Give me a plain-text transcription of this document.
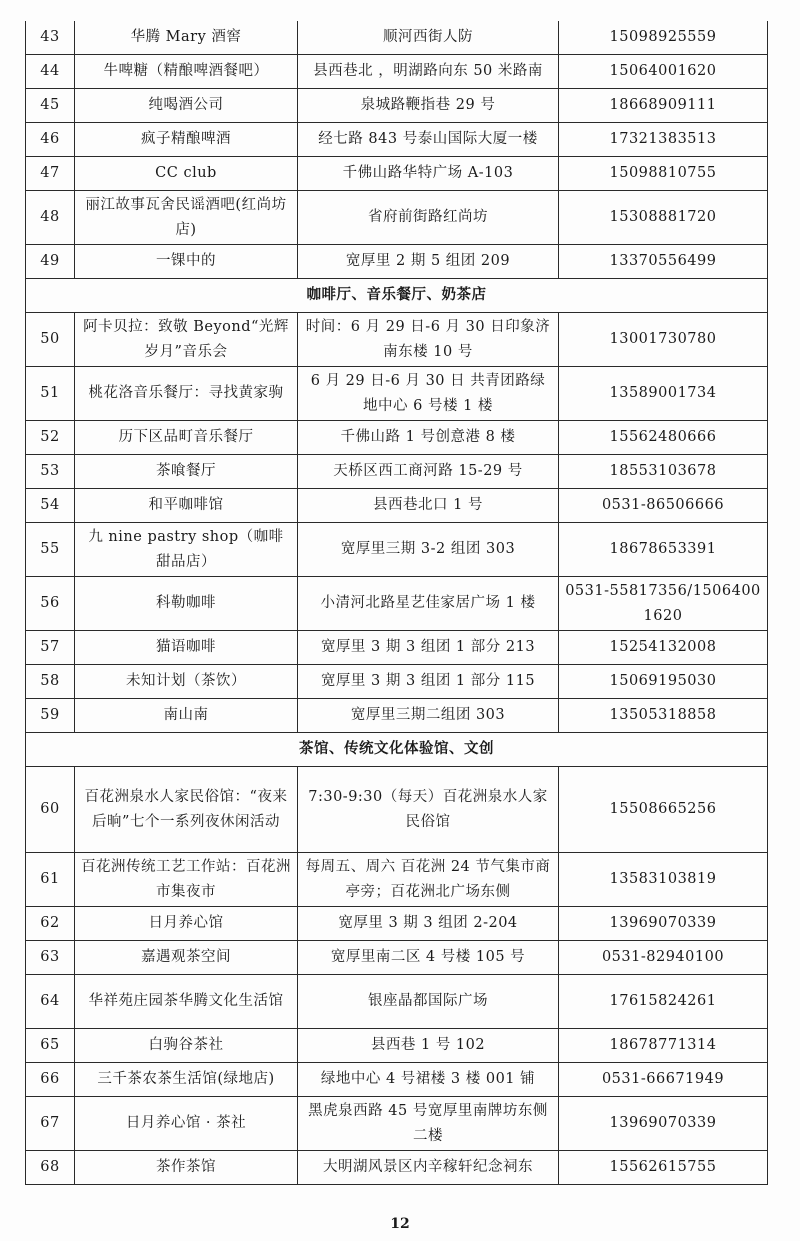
43	华腾 Mary 酒窖	顺河西街人防	15098925559
44	牛啤糖（精酿啤酒餐吧）	县西巷北 ，明湖路向东 50 米路南	15064001620
45	纯喝酒公司	泉城路鞭指巷 29 号	18668909111
46	疯子精酿啤酒	经七路 843 号泰山国际大厦一楼	17321383513
47	CC club	千佛山路华特广场 A-103	15098810755
48	丽江故事瓦舍民谣酒吧(红尚坊店)	省府前街路红尚坊	15308881720
49	一锞中的	宽厚里 2 期 5 组团 209	13370556499
咖啡厅、音乐餐厅、奶茶店			
50	阿卡贝拉：致敬 Beyond“光辉岁月”音乐会	时间：6 月 29 日-6 月 30 日印象济南东楼 10 号	13001730780
51	桃花洛音乐餐厅：寻找黄家驹	6 月 29 日-6 月 30 日 共青团路绿地中心 6 号楼 1 楼	13589001734
52	历下区品町音乐餐厅	千佛山路 1 号创意港 8 楼	15562480666
53	茶喰餐厅	天桥区西工商河路 15-29 号	18553103678
54	和平咖啡馆	县西巷北口 1 号	0531-86506666
55	九 nine pastry shop（咖啡甜品店）	宽厚里三期 3-2 组团 303	18678653391
56	科勒咖啡	小清河北路星艺佳家居广场 1 楼	0531-55817356/15064001620
57	猫语咖啡	宽厚里 3 期 3 组团 1 部分 213	15254132008
58	未知计划（茶饮）	宽厚里 3 期 3 组团 1 部分 115	15069195030
59	南山南	宽厚里三期二组团 303	13505318858
茶馆、传统文化体验馆、文创			
60	百花洲泉水人家民俗馆：“夜来后晌”七个一系列夜休闲活动	7:30-9:30（每天）百花洲泉水人家民俗馆	15508665256
61	百花洲传统工艺工作站：百花洲市集夜市	每周五、周六 百花洲 24 节气集市商亭旁；百花洲北广场东侧	13583103819
62	日月养心馆	宽厚里 3 期 3 组团 2-204	13969070339
63	嘉遇观茶空间	宽厚里南二区 4 号楼 105 号	0531-82940100
64	华祥苑庄园茶华腾文化生活馆	银座晶都国际广场	17615824261
65	白驹谷茶社	县西巷 1 号 102	18678771314
66	三千茶农茶生活馆(绿地店)	绿地中心 4 号裙楼 3 楼 001 铺	0531-66671949
67	日月养心馆 · 茶社	黑虎泉西路 45 号宽厚里南牌坊东侧二楼	13969070339
68	茶作茶馆	大明湖风景区内辛稼轩纪念祠东	15562615755
12
